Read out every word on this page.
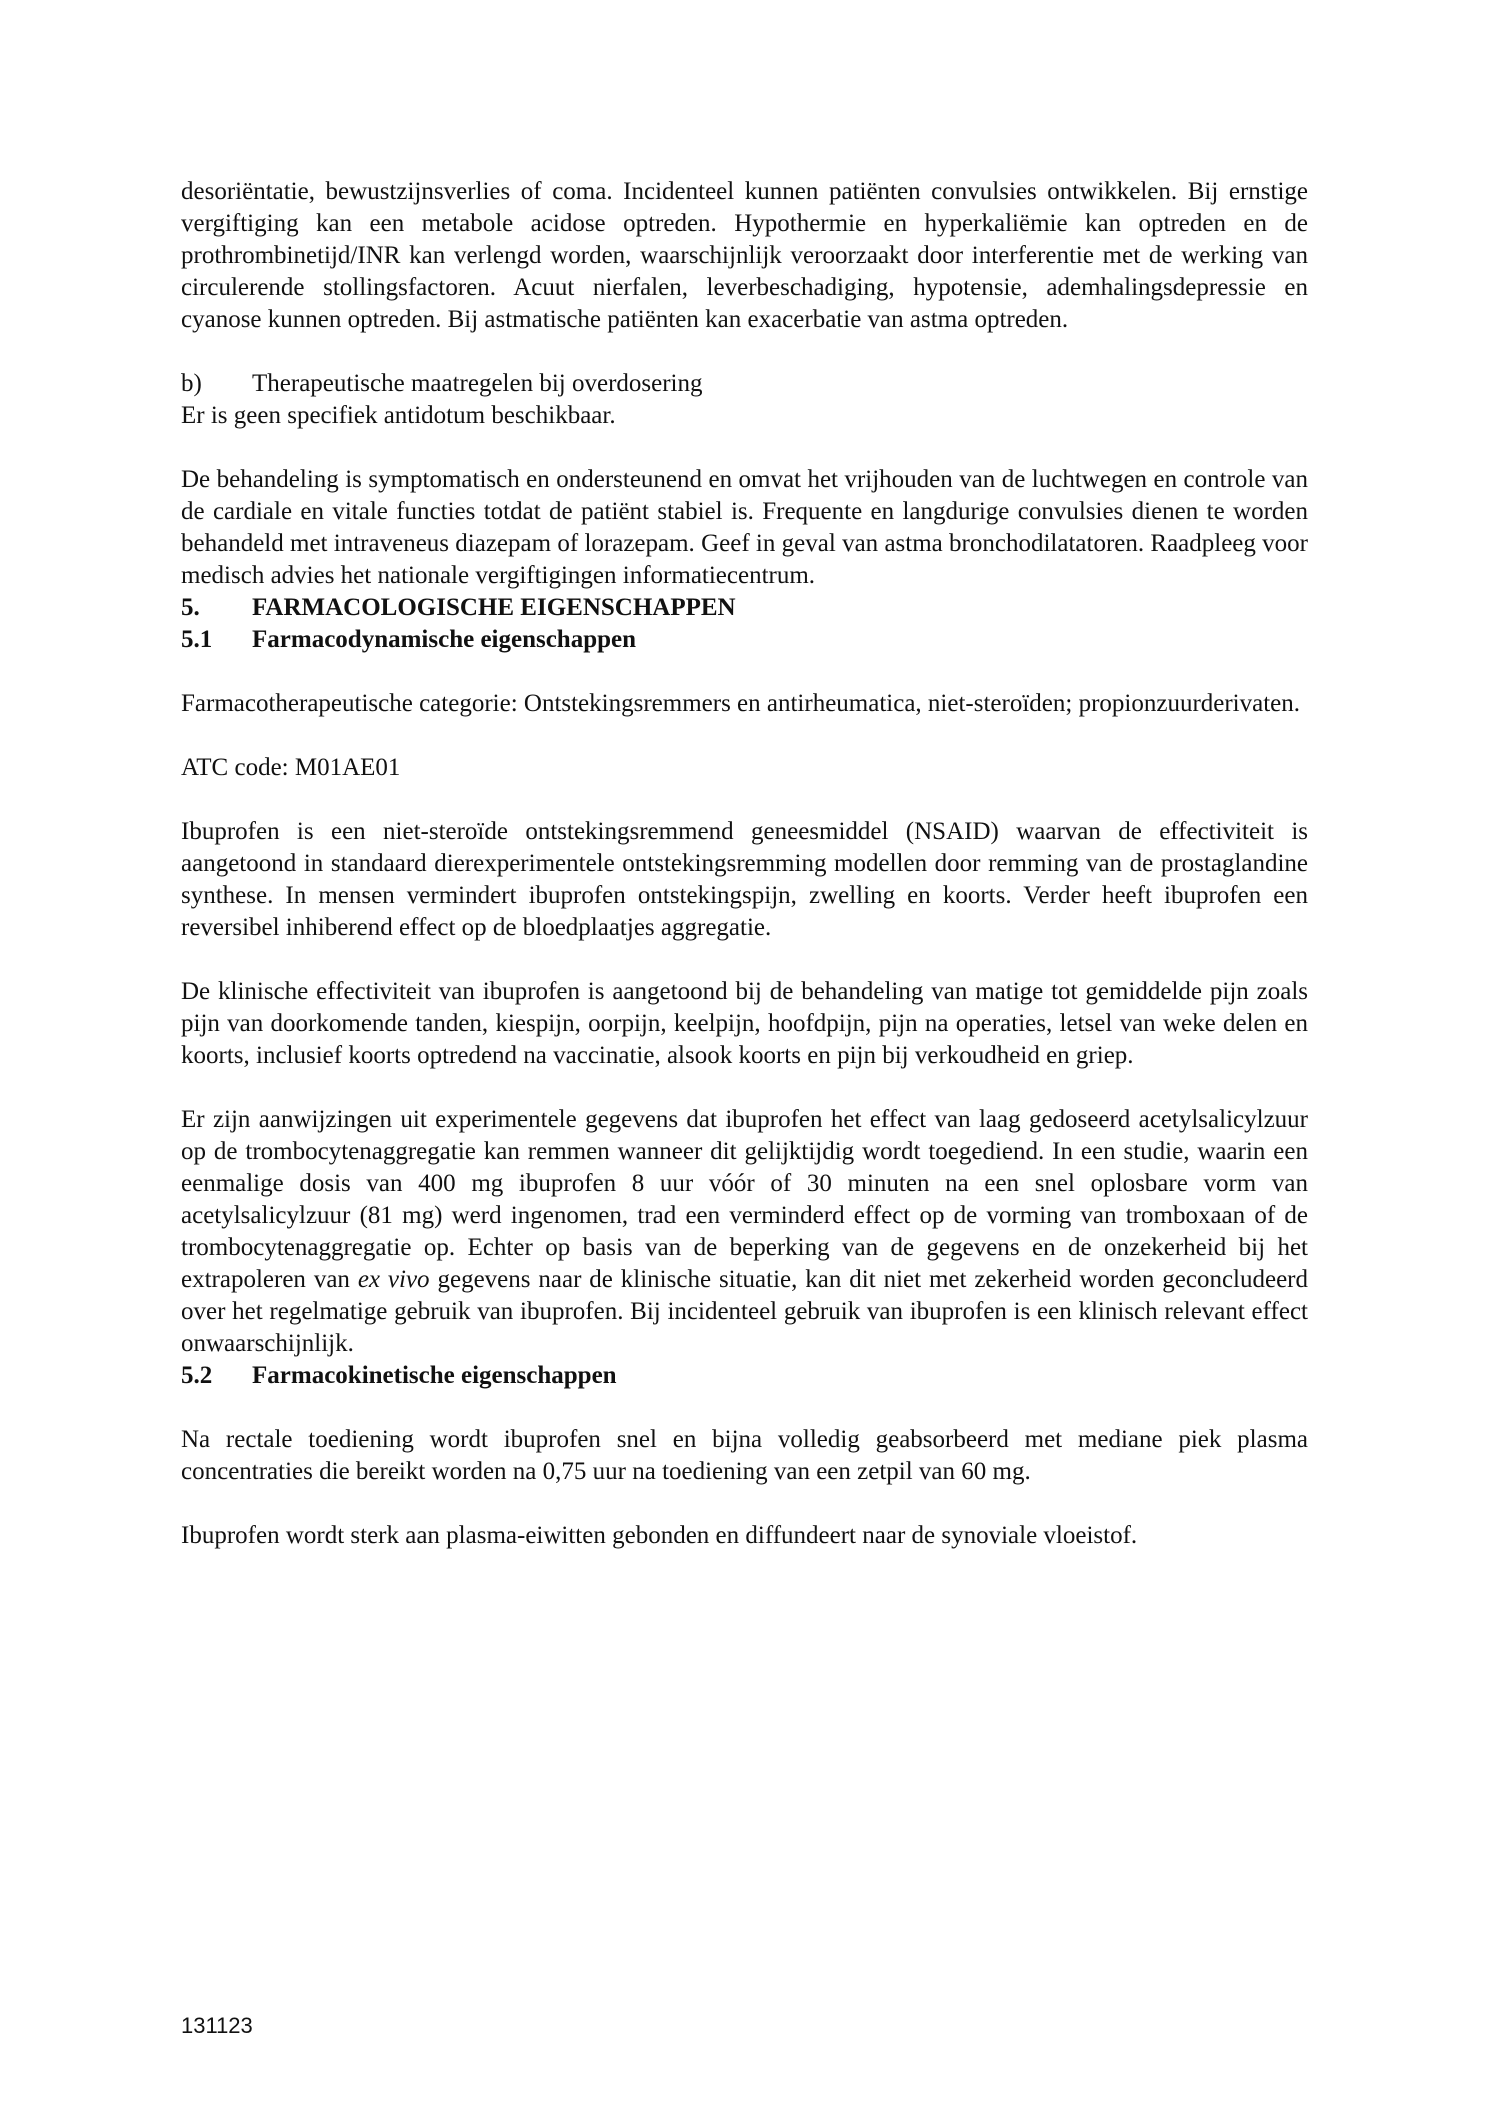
desoriëntatie, bewustzijnsverlies of coma. Incidenteel kunnen patiënten convulsies ontwikkelen. Bij ernstige vergiftiging kan een metabole acidose optreden. Hypothermie en hyperkaliëmie kan optreden en de prothrombinetijd/INR kan verlengd worden, waarschijnlijk veroorzaakt door interferentie met de werking van circulerende stollingsfactoren. Acuut nierfalen, leverbeschadiging, hypotensie, ademhalingsdepressie en cyanose kunnen optreden. Bij astmatische patiënten kan exacerbatie van astma optreden.

b)	Therapeutische maatregelen bij overdosering

Er is geen specifiek antidotum beschikbaar.

De behandeling is symptomatisch en ondersteunend en omvat het vrijhouden van de luchtwegen en controle van de cardiale en vitale functies totdat de patiënt stabiel is. Frequente en langdurige convulsies dienen te worden behandeld met intraveneus diazepam of lorazepam. Geef in geval van astma bronchodilatatoren. Raadpleeg voor medisch advies het nationale vergiftigingen informatiecentrum.

5.	FARMACOLOGISCHE EIGENSCHAPPEN
5.1	Farmacodynamische eigenschappen

Farmacotherapeutische categorie: Ontstekingsremmers en antirheumatica, niet-steroïden; propionzuurderivaten.

ATC code: M01AE01

Ibuprofen is een niet-steroïde ontstekingsremmend geneesmiddel (NSAID) waarvan de effectiviteit is aangetoond in standaard dierexperimentele ontstekingsremming modellen door remming van de prostaglandine synthese. In mensen vermindert ibuprofen ontstekingspijn, zwelling en koorts. Verder heeft ibuprofen een reversibel inhiberend effect op de bloedplaatjes aggregatie.

De klinische effectiviteit van ibuprofen is aangetoond bij de behandeling van matige tot gemiddelde pijn zoals pijn van doorkomende tanden, kiespijn, oorpijn, keelpijn, hoofdpijn, pijn na operaties, letsel van weke delen en koorts, inclusief koorts optredend na vaccinatie, alsook koorts en pijn bij verkoudheid en griep.

Er zijn aanwijzingen uit experimentele gegevens dat ibuprofen het effect van laag gedoseerd acetylsalicylzuur op de trombocytenaggregatie kan remmen wanneer dit gelijktijdig wordt toegediend. In een studie, waarin een eenmalige dosis van 400 mg ibuprofen 8 uur vóór of 30 minuten na een snel oplosbare vorm van acetylsalicylzuur (81 mg) werd ingenomen, trad een verminderd effect op de vorming van tromboxaan of de trombocytenaggregatie op. Echter op basis van de beperking van de gegevens en de onzekerheid bij het extrapoleren van ex vivo gegevens naar de klinische situatie, kan dit niet met zekerheid worden geconcludeerd over het regelmatige gebruik van ibuprofen. Bij incidenteel gebruik van ibuprofen is een klinisch relevant effect onwaarschijnlijk.

5.2	Farmacokinetische eigenschappen

Na rectale toediening wordt ibuprofen snel en bijna volledig geabsorbeerd met mediane piek plasma concentraties die bereikt worden na 0,75 uur na toediening van een zetpil van 60 mg.

Ibuprofen wordt sterk aan plasma-eiwitten gebonden en diffundeert naar de synoviale vloeistof.

131123
